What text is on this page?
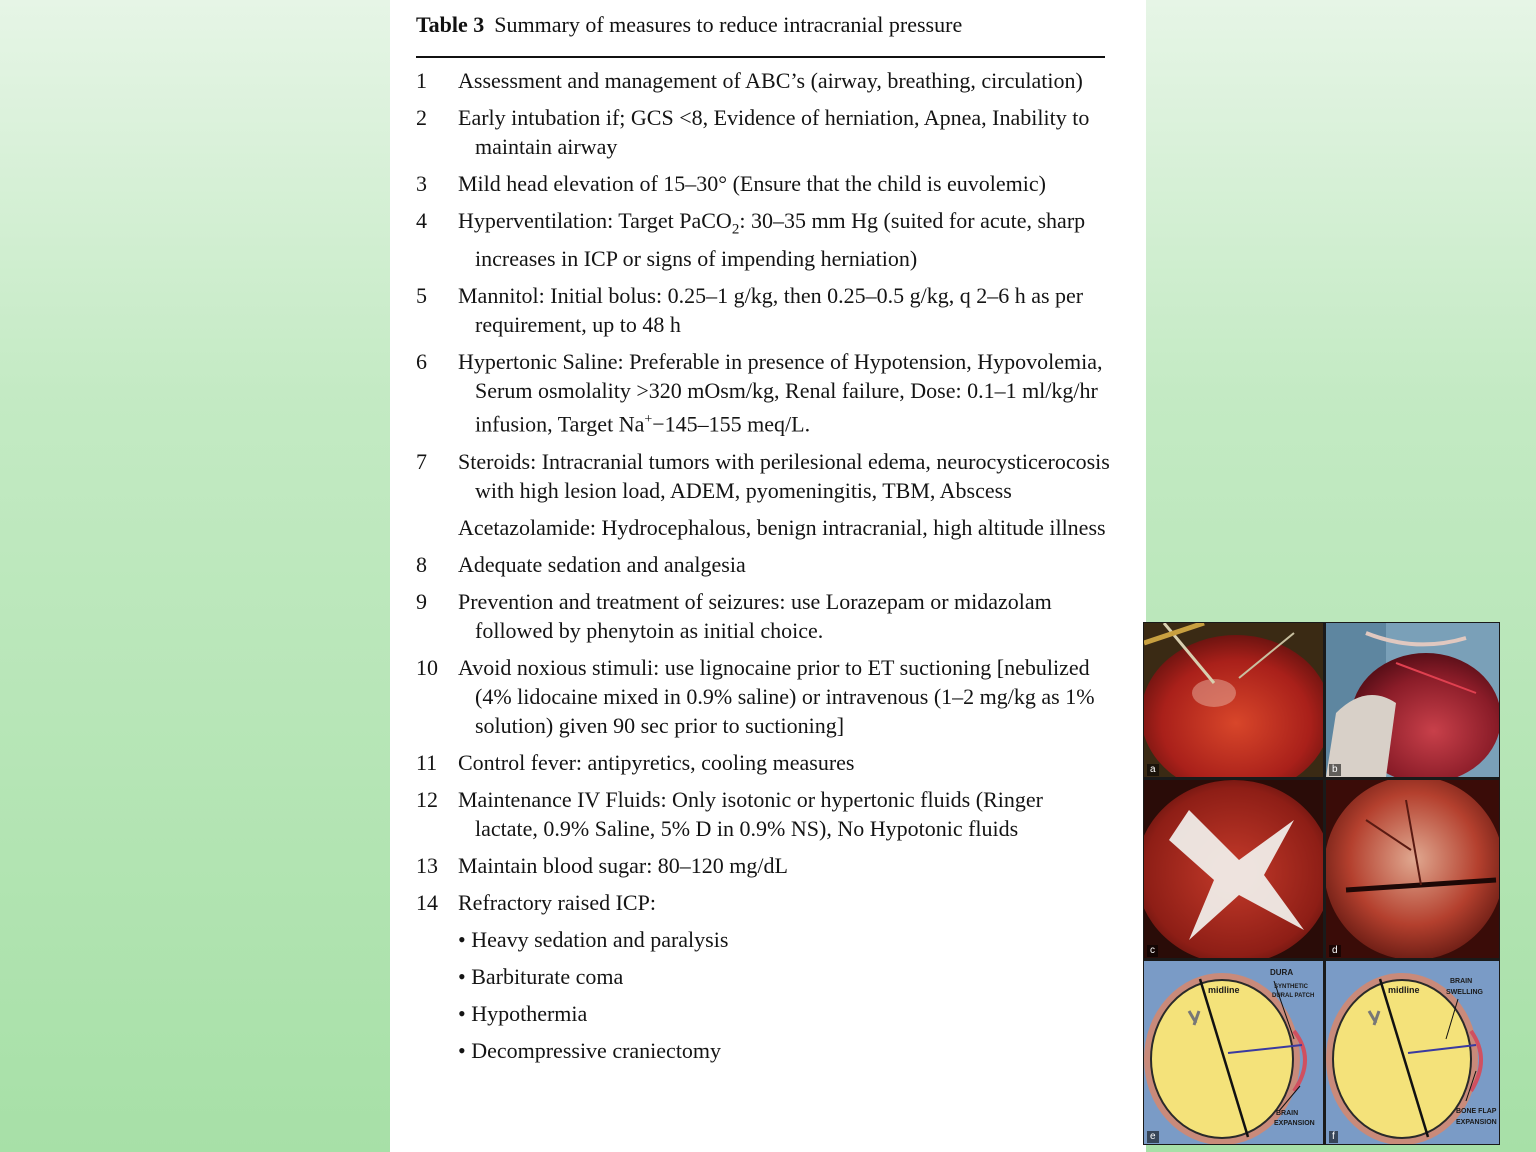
Table 3 Summary of measures to reduce intracranial pressure
1	Assessment and management of ABC’s (airway, breathing, circulation)
2	Early intubation if; GCS <8, Evidence of herniation, Apnea, Inability to maintain airway
3	Mild head elevation of 15–30° (Ensure that the child is euvolemic)
4	Hyperventilation: Target PaCO$_2$: 30–35 mm Hg (suited for acute, sharp increases in ICP or signs of impending herniation)
5	Mannitol: Initial bolus: 0.25–1 g/kg, then 0.25–0.5 g/kg, q 2–6 h as per requirement, up to 48 h
6	Hypertonic Saline: Preferable in presence of Hypotension, Hypovolemia, Serum osmolality >320 mOsm/kg, Renal failure, Dose: 0.1–1 ml/kg/hr infusion, Target Na+−145–155 meq/L.
7	Steroids: Intracranial tumors with perilesional edema, neurocysticerocosis with high lesion load, ADEM, pyomeningitis, TBM, Abscess
Acetazolamide: Hydrocephalous, benign intracranial, high altitude illness
8	Adequate sedation and analgesia
9	Prevention and treatment of seizures: use Lorazepam or midazolam followed by phenytoin as initial choice.
10 Avoid noxious stimuli: use lignocaine prior to ET suctioning [nebulized (4% lidocaine mixed in 0.9% saline) or intravenous (1–2 mg/kg as 1% solution) given 90 sec prior to suctioning]
11 Control fever: antipyretics, cooling measures
12 Maintenance IV Fluids: Only isotonic or hypertonic fluids (Ringer lactate, 0.9% Saline, 5% D in 0.9% NS), No Hypotonic fluids
13 Maintain blood sugar: 80–120 mg/dL
14 Refractory raised ICP:
• Heavy sedation and paralysis
• Barbiturate coma
• Hypothermia
• Decompressive craniectomy
a	b
c	d
midline
DURA
SYNTHETIC
DURAL PATCH
BRAIN
EXPANSION
e
midline
BRAIN
SWELLING
BONE FLAP
EXPANSION
f
